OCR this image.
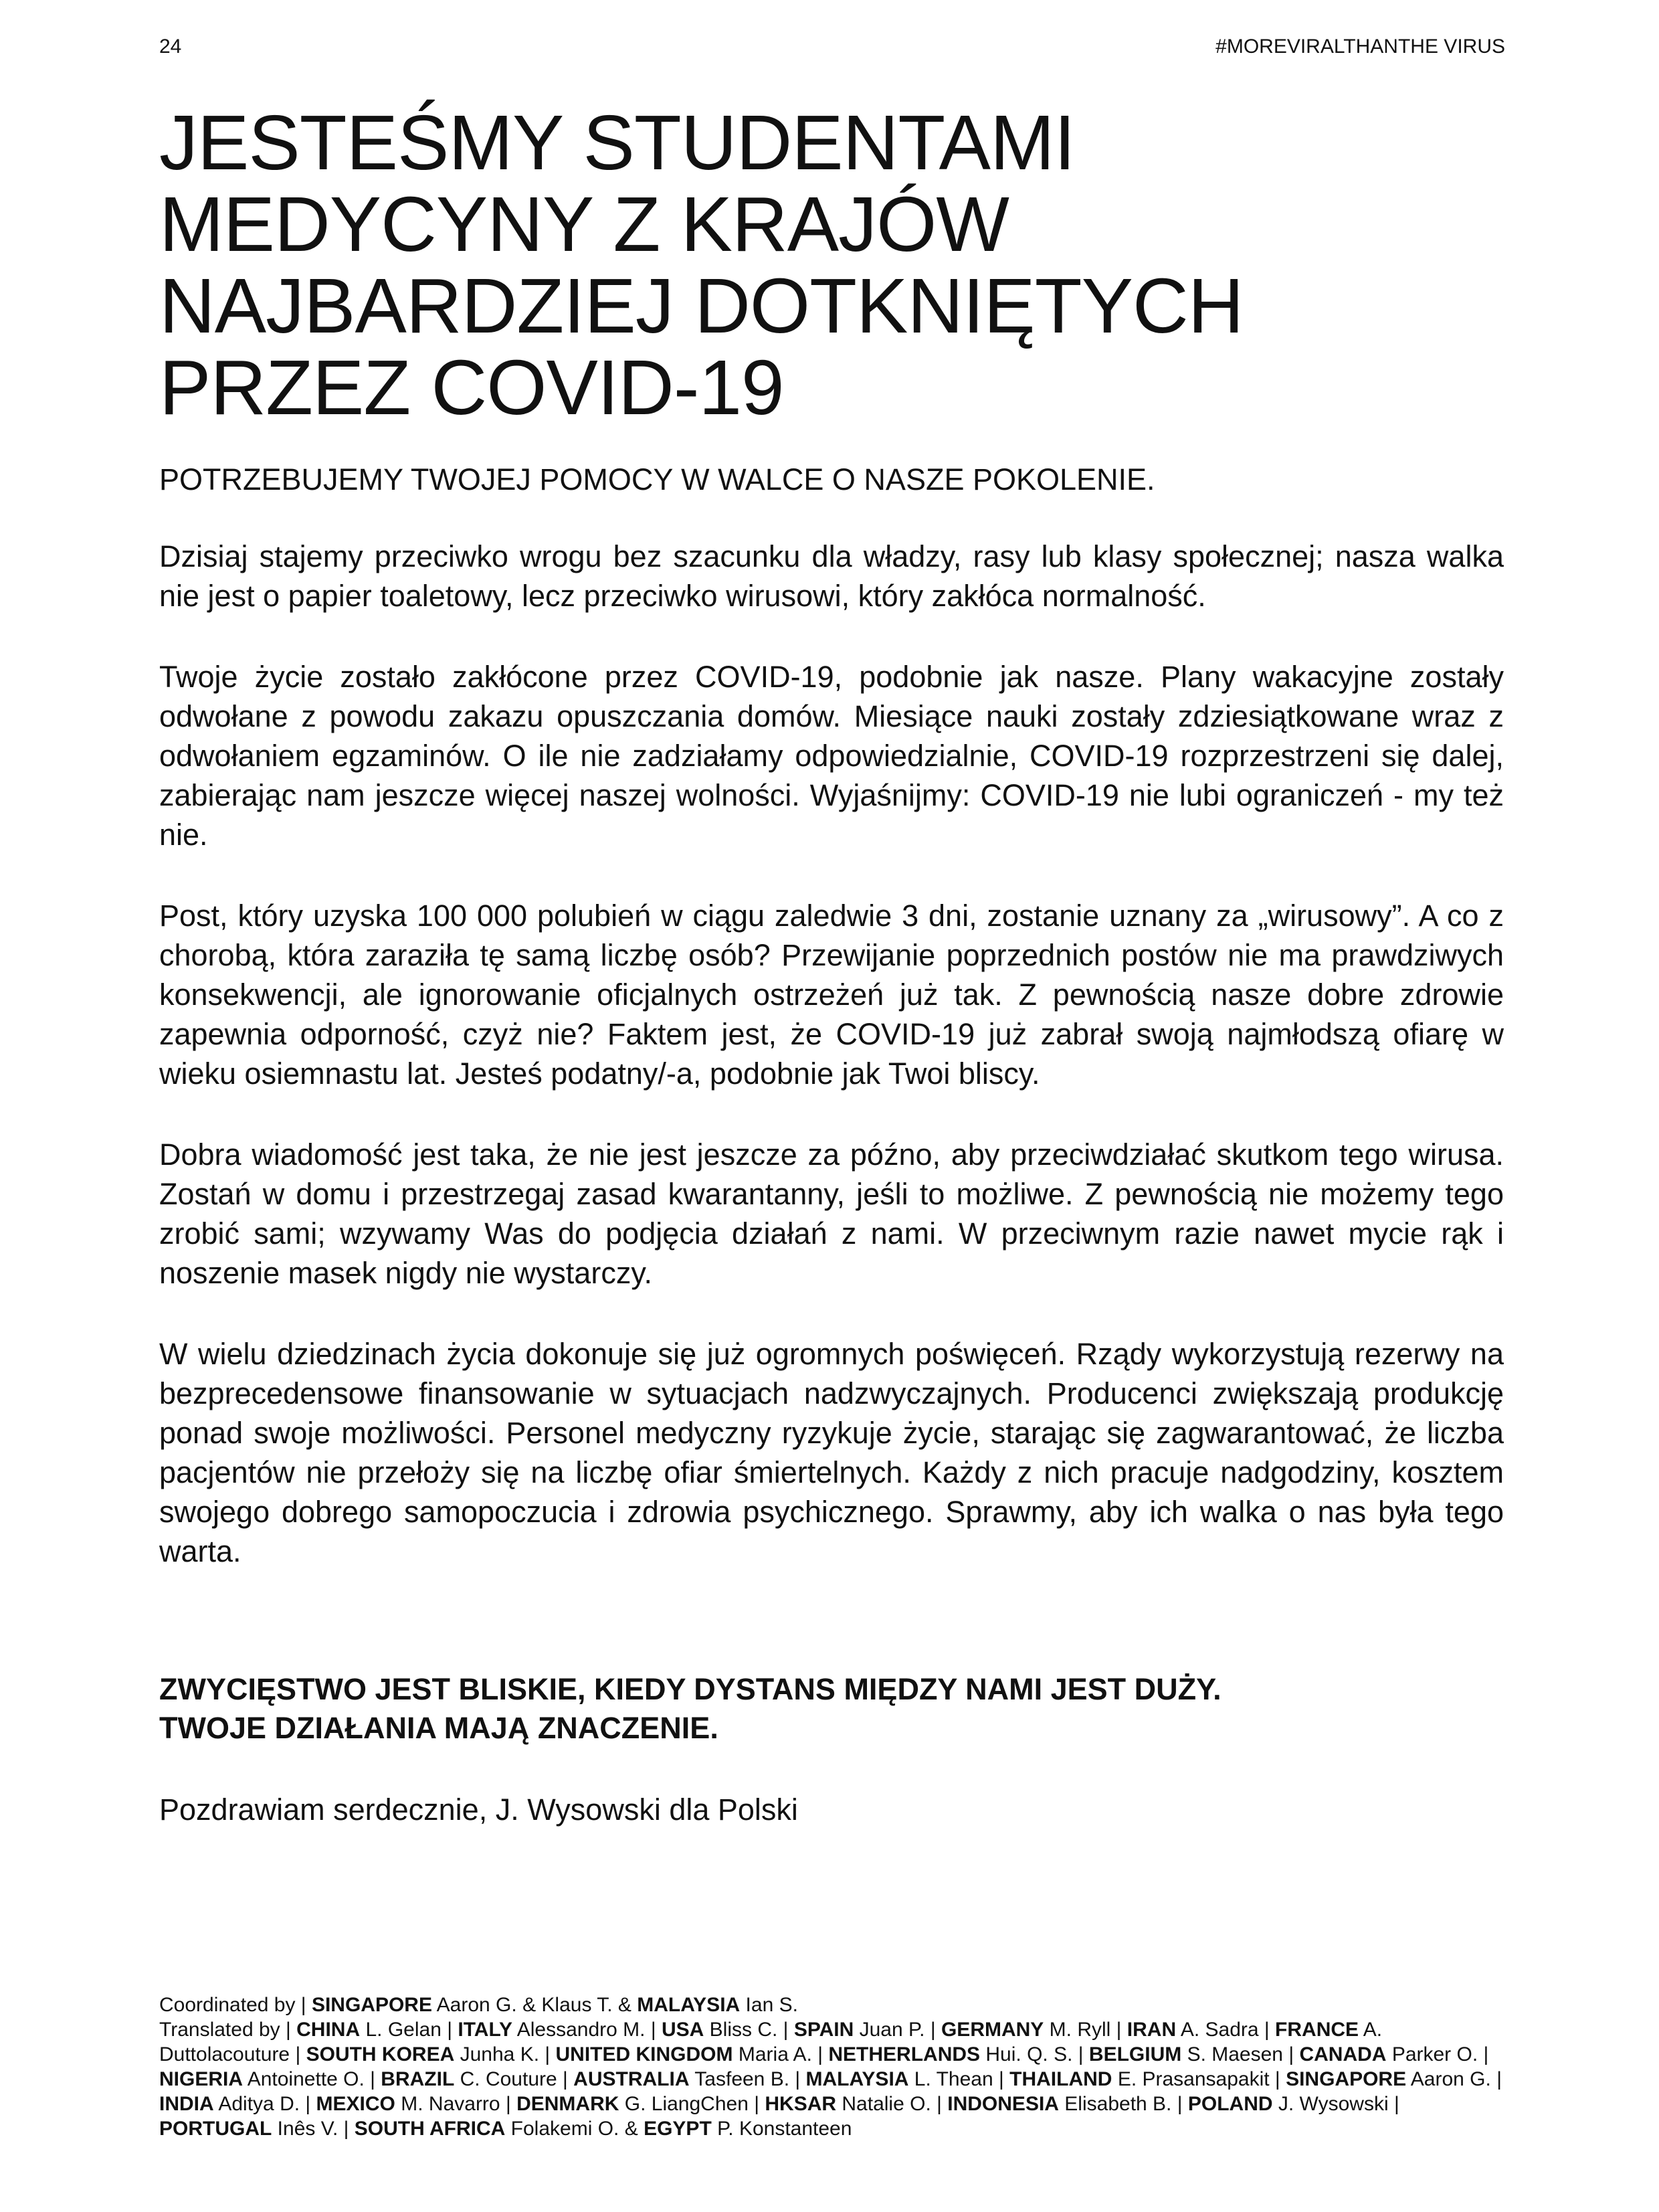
24	#MOREVIRALTHANTHE VIRUS
JESTEŚMY STUDENTAMI
MEDYCYNY Z KRAJÓW
NAJBARDZIEJ DOTKNIĘTYCH
PRZEZ COVID-19
POTRZEBUJEMY TWOJEJ POMOCY W WALCE O NASZE POKOLENIE.

Dzisiaj stajemy przeciwko wrogu bez szacunku dla władzy, rasy lub klasy społecznej; nasza walka nie jest o papier toaletowy, lecz przeciwko wirusowi, który zakłóca normalność.

Twoje życie zostało zakłócone przez COVID-19, podobnie jak nasze. Plany wakacyjne zostały odwołane z powodu zakazu opuszczania domów. Miesiące nauki zostały zdziesiątkowane wraz z odwołaniem egzaminów. O ile nie zadziałamy odpowiedzialnie, COVID-19 rozprzestrzeni się dalej, zabierając nam jeszcze więcej naszej wolności. Wyjaśnijmy: COVID-19 nie lubi ograniczeń - my też nie.

Post, który uzyska 100 000 polubień w ciągu zaledwie 3 dni, zostanie uznany za „wirusowy”. A co z chorobą, która zaraziła tę samą liczbę osób? Przewijanie poprzednich postów nie ma prawdziwych konsekwencji, ale ignorowanie oficjalnych ostrzeżeń już tak. Z pewnością nasze dobre zdrowie zapewnia odporność, czyż nie? Faktem jest, że COVID-19 już zabrał swoją najmłodszą ofiarę w wieku osiemnastu lat. Jesteś podatny/-a, podobnie jak Twoi bliscy.

Dobra wiadomość jest taka, że nie jest jeszcze za późno, aby przeciwdziałać skutkom tego wirusa. Zostań w domu i przestrzegaj zasad kwarantanny, jeśli to możliwe. Z pewnością nie możemy tego zrobić sami; wzywamy Was do podjęcia działań z nami. W przeciwnym razie nawet mycie rąk i noszenie masek nigdy nie wystarczy.

W wielu dziedzinach życia dokonuje się już ogromnych poświęceń. Rządy wykorzystują rezerwy na bezprecedensowe finansowanie w sytuacjach nadzwyczajnych. Producenci zwiększają produkcję ponad swoje możliwości. Personel medyczny ryzykuje życie, starając się zagwarantować, że liczba pacjentów nie przełoży się na liczbę ofiar śmiertelnych. Każdy z nich pracuje nadgodziny, kosztem swojego dobrego samopoczucia i zdrowia psychicznego. Sprawmy, aby ich walka o nas była tego warta.

ZWYCIĘSTWO JEST BLISKIE, KIEDY DYSTANS MIĘDZY NAMI JEST DUŻY.
TWOJE DZIAŁANIA MAJĄ ZNACZENIE.

Pozdrawiam serdecznie, J. Wysowski dla Polski

Coordinated by | SINGAPORE Aaron G. & Klaus T. & MALAYSIA Ian S.
Translated by | CHINA L. Gelan | ITALY Alessandro M. | USA Bliss C. | SPAIN Juan P. | GERMANY M. Ryll | IRAN A. Sadra | FRANCE A. Duttolacouture | SOUTH KOREA Junha K. | UNITED KINGDOM Maria A. | NETHERLANDS Hui. Q. S. | BELGIUM S. Maesen | CANADA Parker O. | NIGERIA Antoinette O. | BRAZIL C. Couture | AUSTRALIA Tasfeen B. | MALAYSIA L. Thean | THAILAND E. Prasansapakit | SINGAPORE Aaron G. | INDIA Aditya D. | MEXICO M. Navarro | DENMARK G. LiangChen | HKSAR Natalie O. | INDONESIA Elisabeth B. | POLAND J. Wysowski | PORTUGAL Inês V. | SOUTH AFRICA Folakemi O. & EGYPT P. Konstanteen
